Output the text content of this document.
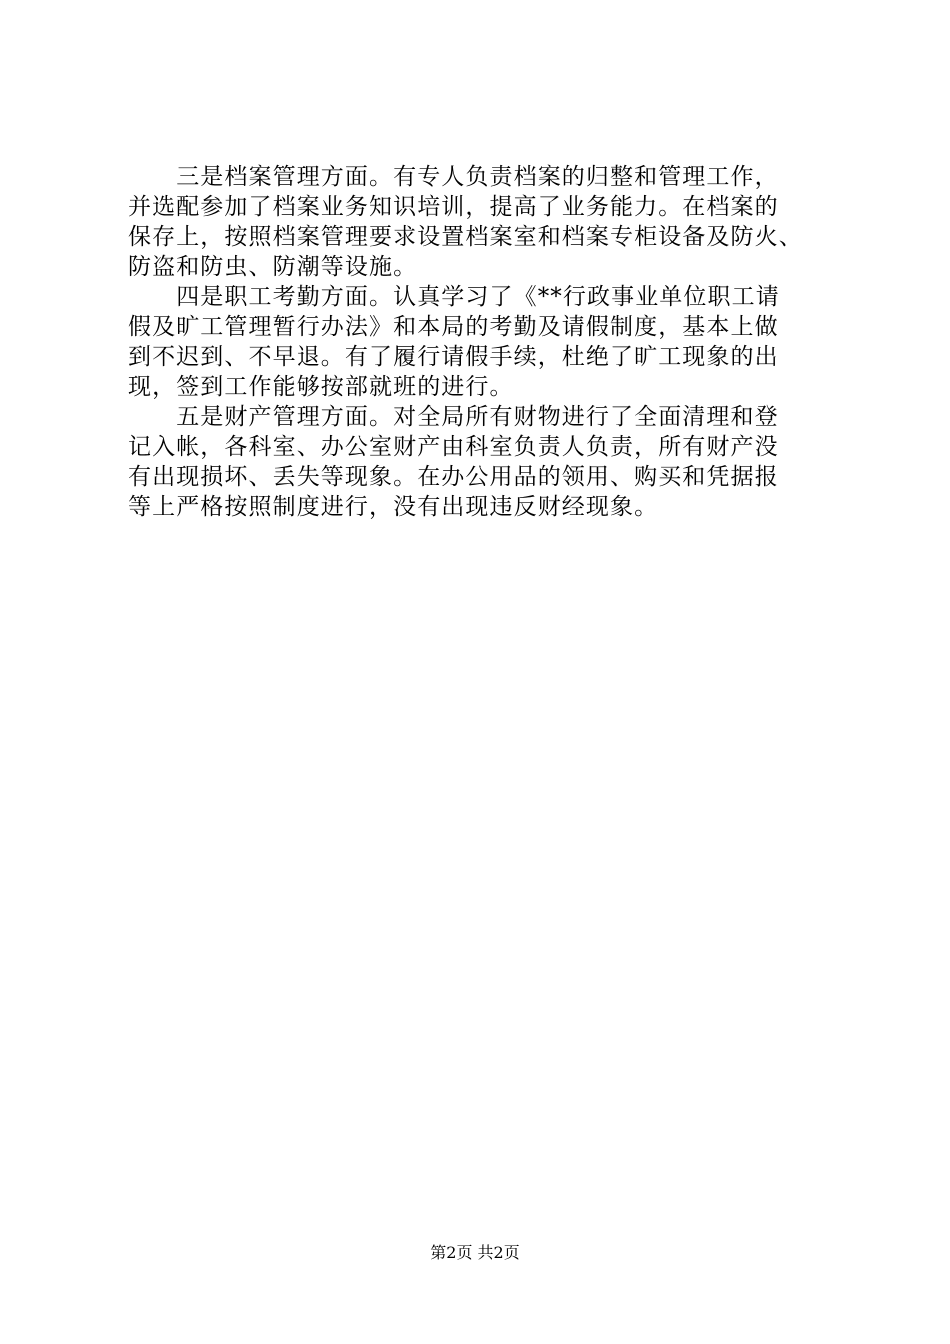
　　三是档案管理方面。有专人负责档案的归整和管理工作，
并选配参加了档案业务知识培训，提高了业务能力。在档案的
保存上，按照档案管理要求设置档案室和档案专柜设备及防火、
防盗和防虫、防潮等设施。
　　四是职工考勤方面。认真学习了《**行政事业单位职工请
假及旷工管理暂行办法》和本局的考勤及请假制度，基本上做
到不迟到、不早退。有了履行请假手续，杜绝了旷工现象的出
现，签到工作能够按部就班的进行。
　　五是财产管理方面。对全局所有财物进行了全面清理和登
记入帐，各科室、办公室财产由科室负责人负责，所有财产没
有出现损坏、丢失等现象。在办公用品的领用、购买和凭据报
等上严格按照制度进行，没有出现违反财经现象。
第2页 共2页
